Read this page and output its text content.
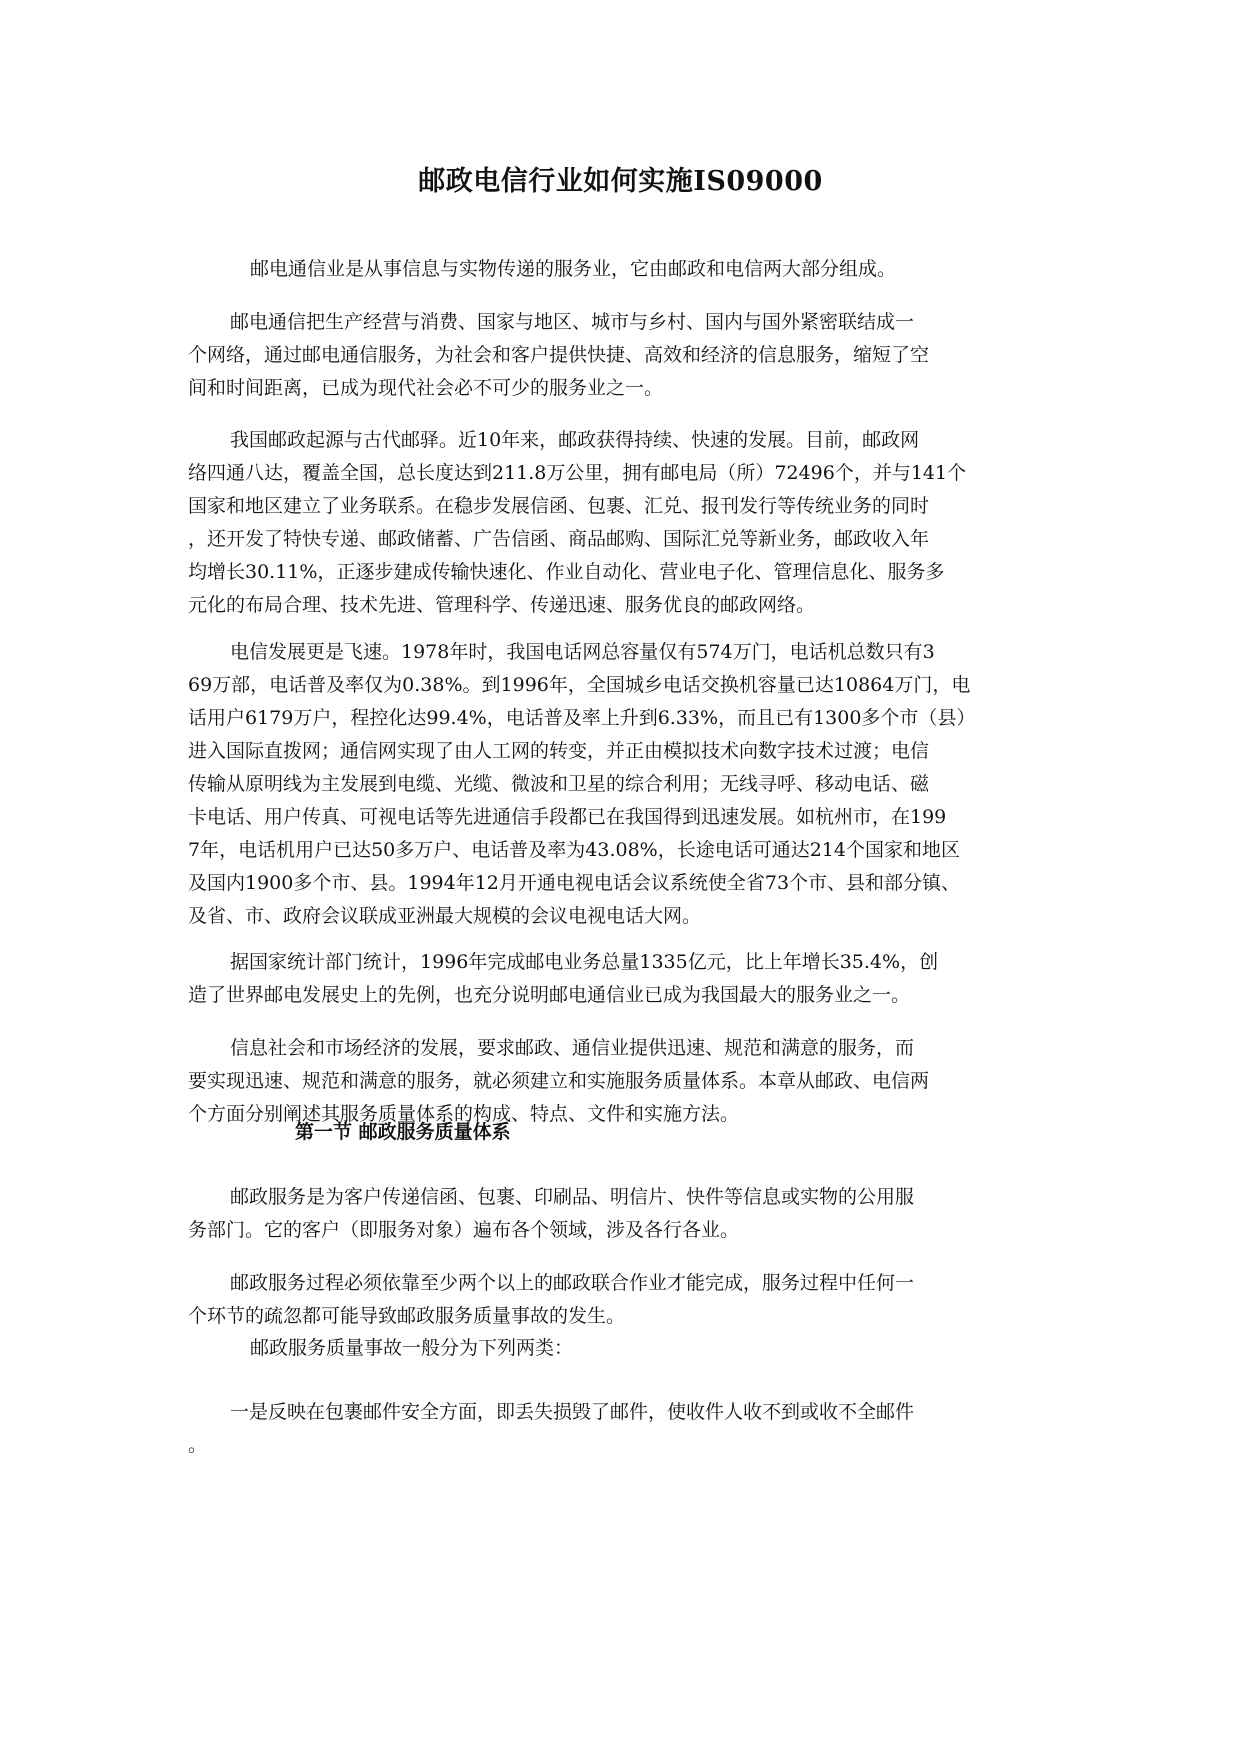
邮政电信行业如何实施IS09000
邮电通信业是从事信息与实物传递的服务业，它由邮政和电信两大部分组成。
邮电通信把生产经营与消费、国家与地区、城市与乡村、国内与国外紧密联结成一
个网络，通过邮电通信服务，为社会和客户提供快捷、高效和经济的信息服务，缩短了空
间和时间距离，已成为现代社会必不可少的服务业之一。
我国邮政起源与古代邮驿。近10年来，邮政获得持续、快速的发展。目前，邮政网
络四通八达，覆盖全国，总长度达到211.8万公里，拥有邮电局（所）72496个，并与141个
国家和地区建立了业务联系。在稳步发展信函、包裹、汇兑、报刊发行等传统业务的同时
，还开发了特快专递、邮政储蓄、广告信函、商品邮购、国际汇兑等新业务，邮政收入年
均增长30.11%，正逐步建成传输快速化、作业自动化、营业电子化、管理信息化、服务多
元化的布局合理、技术先进、管理科学、传递迅速、服务优良的邮政网络。
电信发展更是飞速。1978年时，我国电话网总容量仅有574万门，电话机总数只有3
69万部，电话普及率仅为0.38%。到1996年，全国城乡电话交换机容量已达10864万门，电
话用户6179万户，程控化达99.4%，电话普及率上升到6.33%，而且已有1300多个市（县）
进入国际直拨网；通信网实现了由人工网的转变，并正由模拟技术向数字技术过渡；电信
传输从原明线为主发展到电缆、光缆、微波和卫星的综合利用；无线寻呼、移动电话、磁
卡电话、用户传真、可视电话等先进通信手段都已在我国得到迅速发展。如杭州市，在199
7年，电话机用户已达50多万户、电话普及率为43.08%，长途电话可通达214个国家和地区
及国内1900多个市、县。1994年12月开通电视电话会议系统使全省73个市、县和部分镇、
及省、市、政府会议联成亚洲最大规模的会议电视电话大网。
据国家统计部门统计，1996年完成邮电业务总量1335亿元，比上年增长35.4%，创
造了世界邮电发展史上的先例，也充分说明邮电通信业已成为我国最大的服务业之一。
信息社会和市场经济的发展，要求邮政、通信业提供迅速、规范和满意的服务，而
要实现迅速、规范和满意的服务，就必须建立和实施服务质量体系。本章从邮政、电信两
个方面分别阐述其服务质量体系的构成、特点、文件和实施方法。
第一节 邮政服务质量体系
邮政服务是为客户传递信函、包裹、印刷品、明信片、快件等信息或实物的公用服
务部门。它的客户（即服务对象）遍布各个领域，涉及各行各业。
邮政服务过程必须依靠至少两个以上的邮政联合作业才能完成，服务过程中任何一
个环节的疏忽都可能导致邮政服务质量事故的发生。
邮政服务质量事故一般分为下列两类：
一是反映在包裹邮件安全方面，即丢失损毁了邮件，使收件人收不到或收不全邮件
。
